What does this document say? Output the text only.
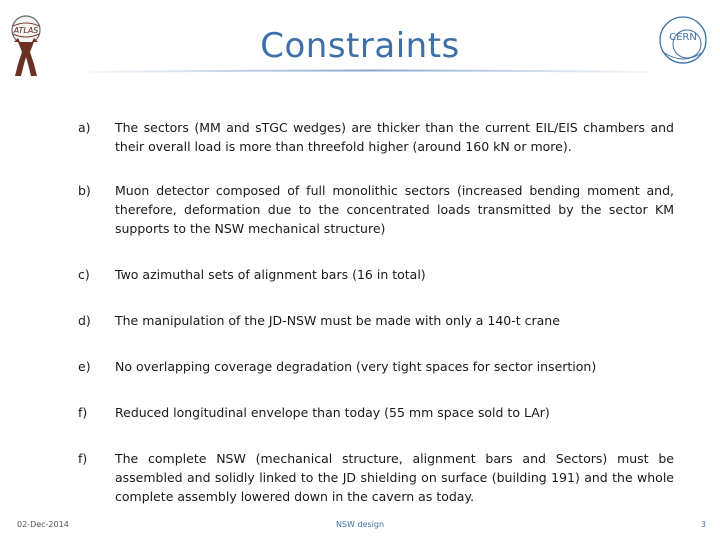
ATLAS
CERN
Constraints
a)	The sectors (MM and sTGC wedges) are thicker than the current EIL/EIS chambers and their overall load is more than threefold higher (around 160 kN or more).
b)	Muon detector composed of full monolithic sectors (increased bending moment and, therefore, deformation due to the concentrated loads transmitted by the sector KM supports to the NSW mechanical structure)
c)	Two azimuthal sets of alignment bars (16 in total)
d)	The manipulation of the JD-NSW must be made with only a 140-t crane
e)	No overlapping coverage degradation (very tight spaces for sector insertion)
f)	Reduced longitudinal envelope than today (55 mm space sold to LAr)
f)	The complete NSW (mechanical structure, alignment bars and Sectors) must be assembled and solidly linked to the JD shielding on surface (building 191) and the whole complete assembly lowered down in the cavern as today.
02-Dec-2014	NSW design	3
